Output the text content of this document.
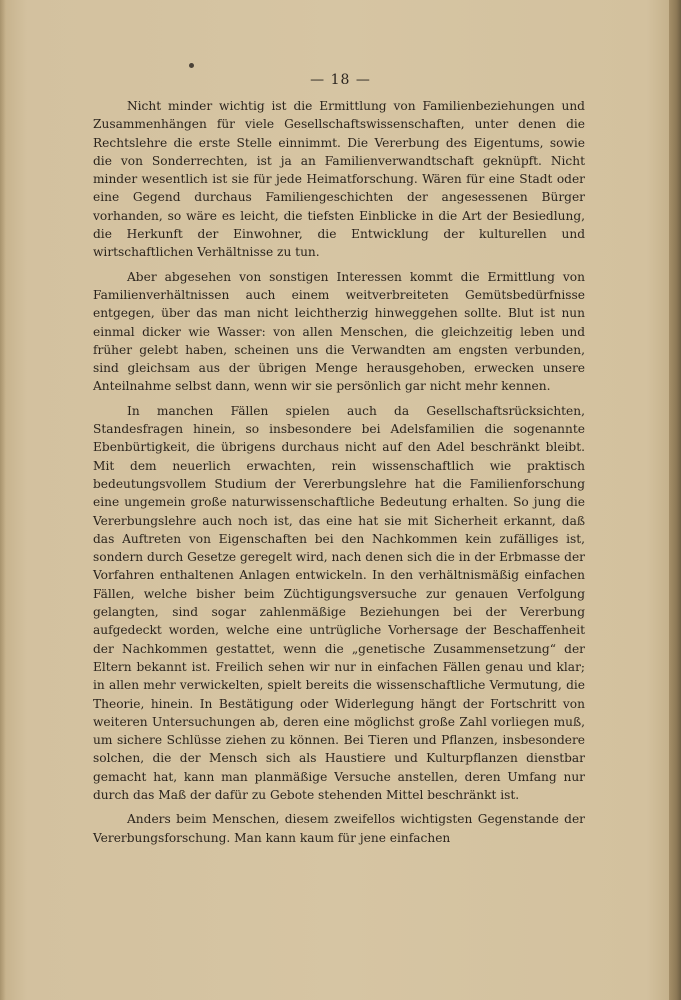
— 18 —

Nicht minder wichtig ist die Ermittlung von Familienbeziehungen und Zusammenhängen für viele Gesellschaftswissenschaften, unter denen die Rechtslehre die erste Stelle einnimmt. Die Vererbung des Eigentums, sowie die von Sonderrechten, ist ja an Familienverwandtschaft geknüpft. Nicht minder wesentlich ist sie für jede Heimatforschung. Wären für eine Stadt oder eine Gegend durchaus Familiengeschichten der angesessenen Bürger vorhanden, so wäre es leicht, die tiefsten Einblicke in die Art der Besiedlung, die Herkunft der Einwohner, die Entwicklung der kulturellen und wirtschaftlichen Verhältnisse zu tun.

Aber abgesehen von sonstigen Interessen kommt die Ermittlung von Familienverhältnissen auch einem weitverbreiteten Gemütsbedürfnisse entgegen, über das man nicht leichtherzig hinweggehen sollte. Blut ist nun einmal dicker wie Wasser: von allen Menschen, die gleichzeitig leben und früher gelebt haben, scheinen uns die Verwandten am engsten verbunden, sind gleichsam aus der übrigen Menge herausgehoben, erwecken unsere Anteilnahme selbst dann, wenn wir sie persönlich gar nicht mehr kennen.

In manchen Fällen spielen auch da Gesellschaftsrücksichten, Standesfragen hinein, so insbesondere bei Adelsfamilien die sogenannte Ebenbürtigkeit, die übrigens durchaus nicht auf den Adel beschränkt bleibt. Mit dem neuerlich erwachten, rein wissenschaftlich wie praktisch bedeutungsvollem Studium der Vererbungslehre hat die Familienforschung eine ungemein große naturwissenschaftliche Bedeutung erhalten. So jung die Vererbungslehre auch noch ist, das eine hat sie mit Sicherheit erkannt, daß das Auftreten von Eigenschaften bei den Nachkommen kein zufälliges ist, sondern durch Gesetze geregelt wird, nach denen sich die in der Erbmasse der Vorfahren enthaltenen Anlagen entwickeln. In den verhältnismäßig einfachen Fällen, welche bisher beim Züchtigungsversuche zur genauen Verfolgung gelangten, sind sogar zahlenmäßige Beziehungen bei der Vererbung aufgedeckt worden, welche eine untrügliche Vorhersage der Beschaffenheit der Nachkommen gestattet, wenn die „genetische Zusammensetzung“ der Eltern bekannt ist. Freilich sehen wir nur in einfachen Fällen genau und klar; in allen mehr verwickelten, spielt bereits die wissenschaftliche Vermutung, die Theorie, hinein. In Bestätigung oder Widerlegung hängt der Fortschritt von weiteren Untersuchungen ab, deren eine möglichst große Zahl vorliegen muß, um sichere Schlüsse ziehen zu können. Bei Tieren und Pflanzen, insbesondere solchen, die der Mensch sich als Haustiere und Kulturpflanzen dienstbar gemacht hat, kann man planmäßige Versuche anstellen, deren Umfang nur durch das Maß der dafür zu Gebote stehenden Mittel beschränkt ist.

Anders beim Menschen, diesem zweifellos wichtigsten Gegenstande der Vererbungsforschung. Man kann kaum für jene einfachen
